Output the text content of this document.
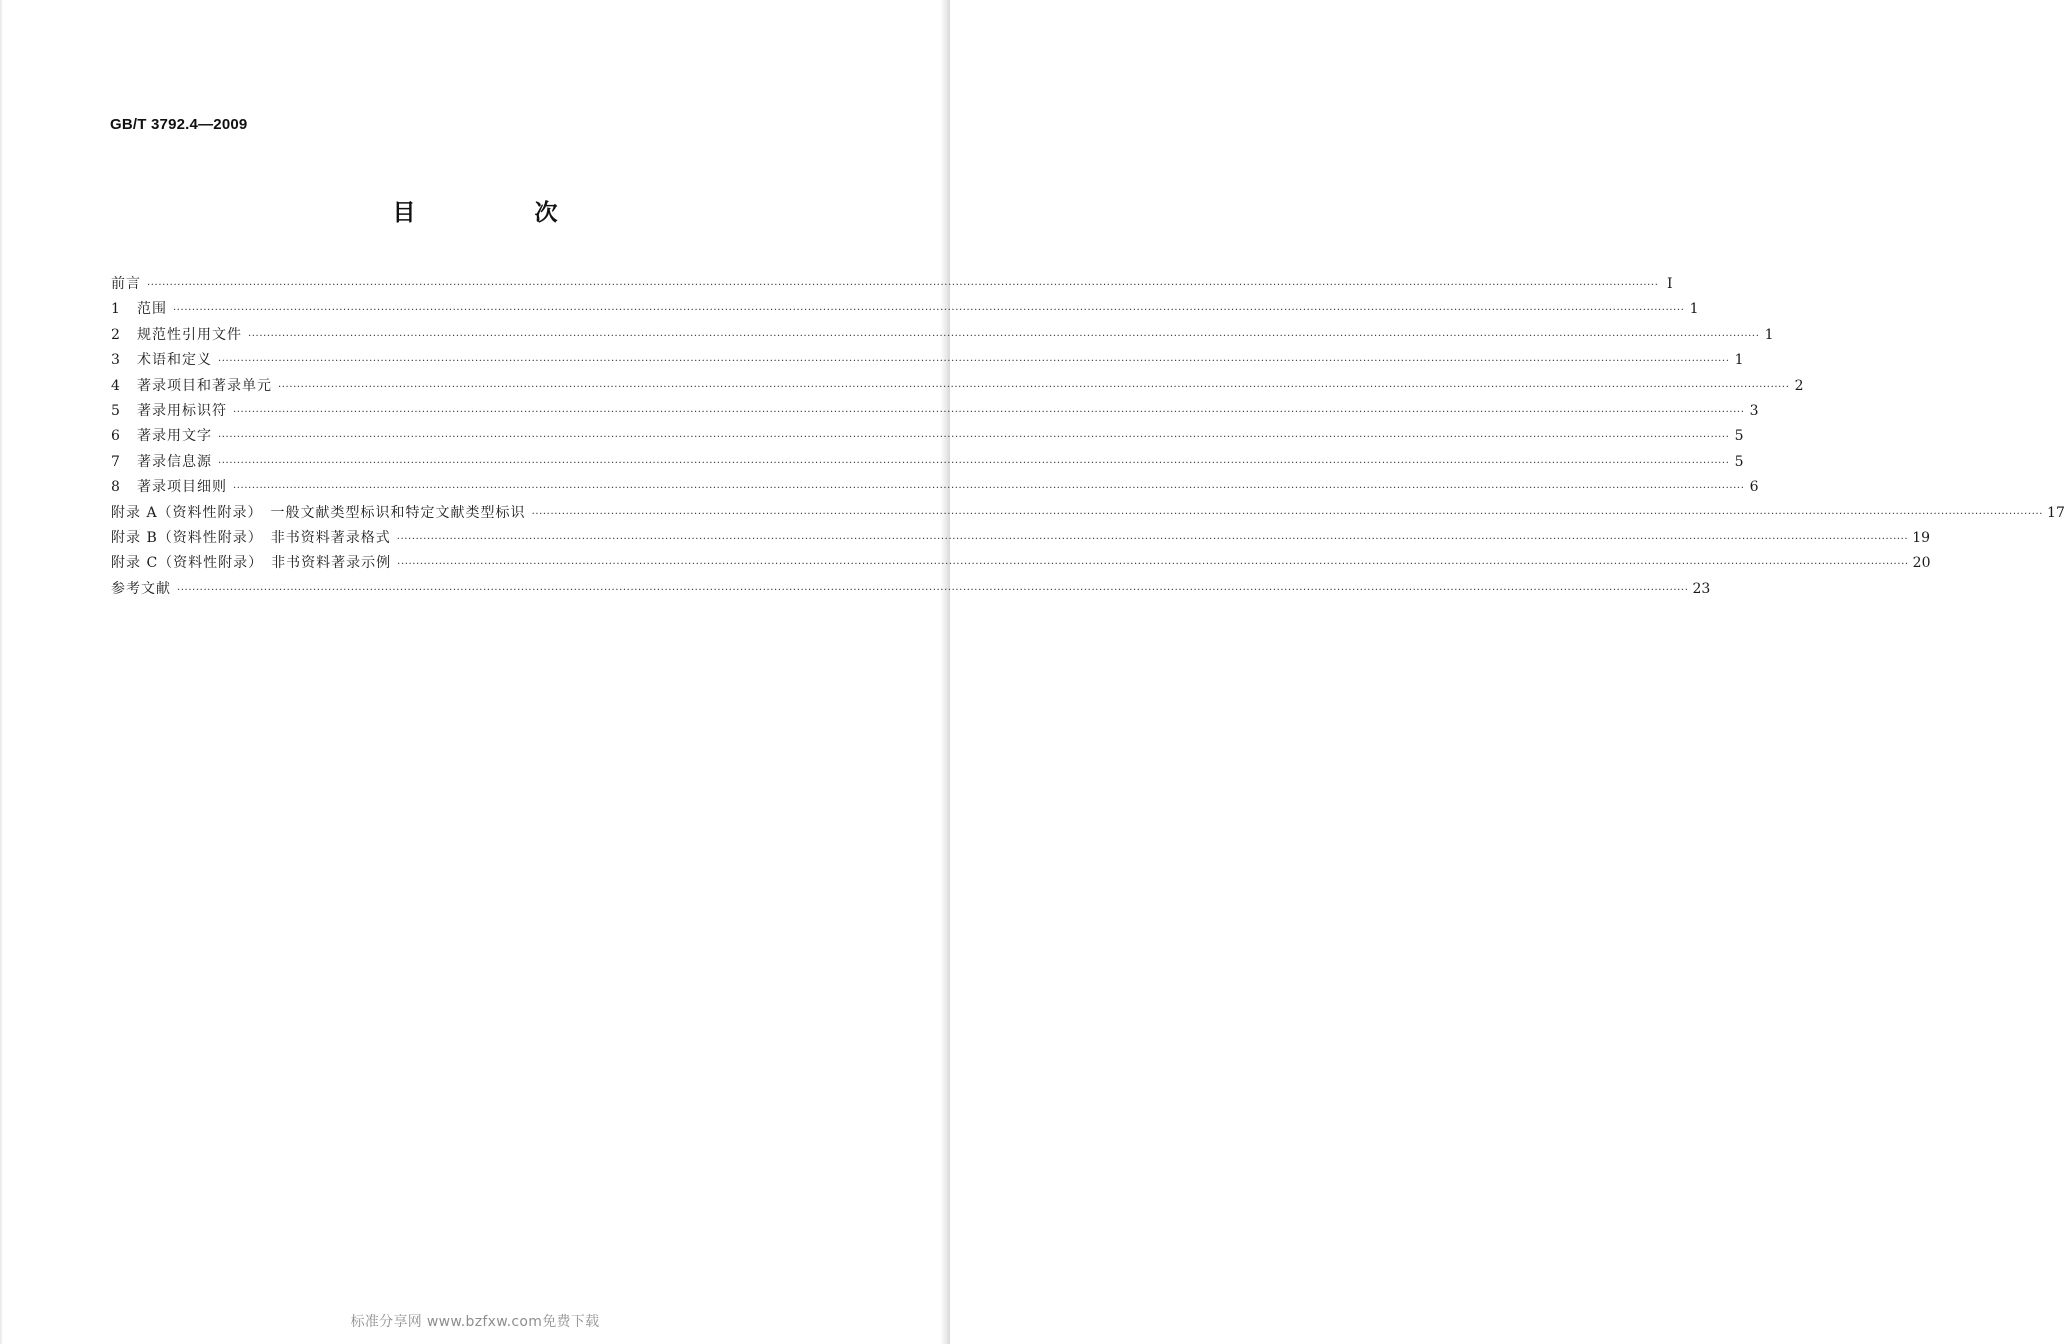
GB/T 3792.4—2009
目　次
前言 ················································································································································································································································································································································································································ Ⅰ
1	范围 ················································································································································································································································································································································································································ 1
2	规范性引用文件 ················································································································································································································································································································································································································ 1
3	术语和定义 ················································································································································································································································································································································································································ 1
4	著录项目和著录单元 ················································································································································································································································································································································································································ 2
5	著录用标识符 ················································································································································································································································································································································································································ 3
6	著录用文字 ················································································································································································································································································································································································································ 5
7	著录信息源 ················································································································································································································································································································································································································ 5
8	著录项目细则 ················································································································································································································································································································································································································ 6
附录 A（资料性附录）　一般文献类型标识和特定文献类型标识 ················································································································································································································································································································································································································ 17
附录 B（资料性附录）　非书资料著录格式 ················································································································································································································································································································································································································ 19
附录 C（资料性附录）　非书资料著录示例 ················································································································································································································································································································································································································ 20
参考文献 ················································································································································································································································································································································································································ 23
标准分享网 www.bzfxw.com免费下载
